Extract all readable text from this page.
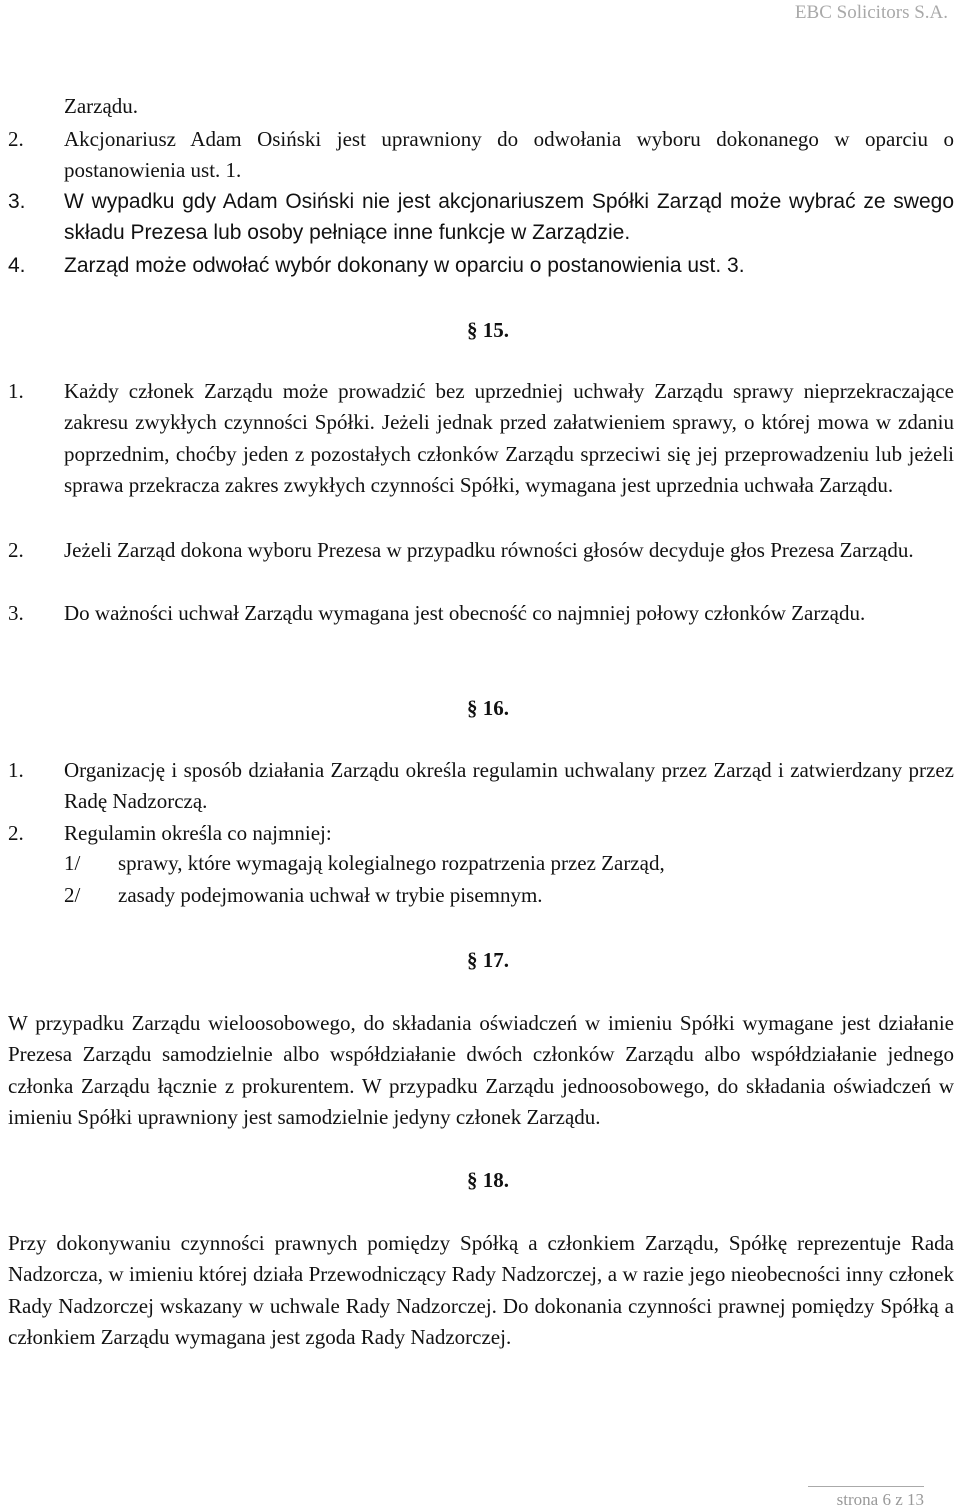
EBC Solicitors S.A.
Zarządu.
2. Akcjonariusz Adam Osiński jest uprawniony do odwołania wyboru dokonanego w oparciu o postanowienia ust. 1.
3. W wypadku gdy Adam Osiński nie jest akcjonariuszem Spółki Zarząd może wybrać ze swego składu Prezesa lub osoby pełniące inne funkcje w Zarządzie.
4. Zarząd może odwołać wybór dokonany w oparciu o postanowienia ust. 3.
§ 15.
1. Każdy członek Zarządu może prowadzić bez uprzedniej uchwały Zarządu sprawy nieprzekraczające zakresu zwykłych czynności Spółki. Jeżeli jednak przed załatwieniem sprawy, o której mowa w zdaniu poprzednim, choćby jeden z pozostałych członków Zarządu sprzeciwi się jej przeprowadzeniu lub jeżeli sprawa przekracza zakres zwykłych czynności Spółki, wymagana jest uprzednia uchwała Zarządu.
2. Jeżeli Zarząd dokona wyboru Prezesa w przypadku równości głosów decyduje głos Prezesa Zarządu.
3. Do ważności uchwał Zarządu wymagana jest obecność co najmniej połowy członków Zarządu.
§ 16.
1. Organizację i sposób działania Zarządu określa regulamin uchwalany przez Zarząd i zatwierdzany przez Radę Nadzorczą.
2. Regulamin określa co najmniej:
1/ sprawy, które wymagają kolegialnego rozpatrzenia przez Zarząd,
2/ zasady podejmowania uchwał w trybie pisemnym.
§ 17.
W przypadku Zarządu wieloosobowego, do składania oświadczeń w imieniu Spółki wymagane jest działanie Prezesa Zarządu samodzielnie albo współdziałanie dwóch członków Zarządu albo współdziałanie jednego członka Zarządu łącznie z prokurentem. W przypadku Zarządu jednoosobowego, do składania oświadczeń w imieniu Spółki uprawniony jest samodzielnie jedyny członek Zarządu.
§ 18.
Przy dokonywaniu czynności prawnych pomiędzy Spółką a członkiem Zarządu, Spółkę reprezentuje Rada Nadzorcza, w imieniu której działa Przewodniczący Rady Nadzorczej, a w razie jego nieobecności inny członek Rady Nadzorczej wskazany w uchwale Rady Nadzorczej. Do dokonania czynności prawnej pomiędzy Spółką a członkiem Zarządu wymagana jest zgoda Rady Nadzorczej.
strona 6 z 13
